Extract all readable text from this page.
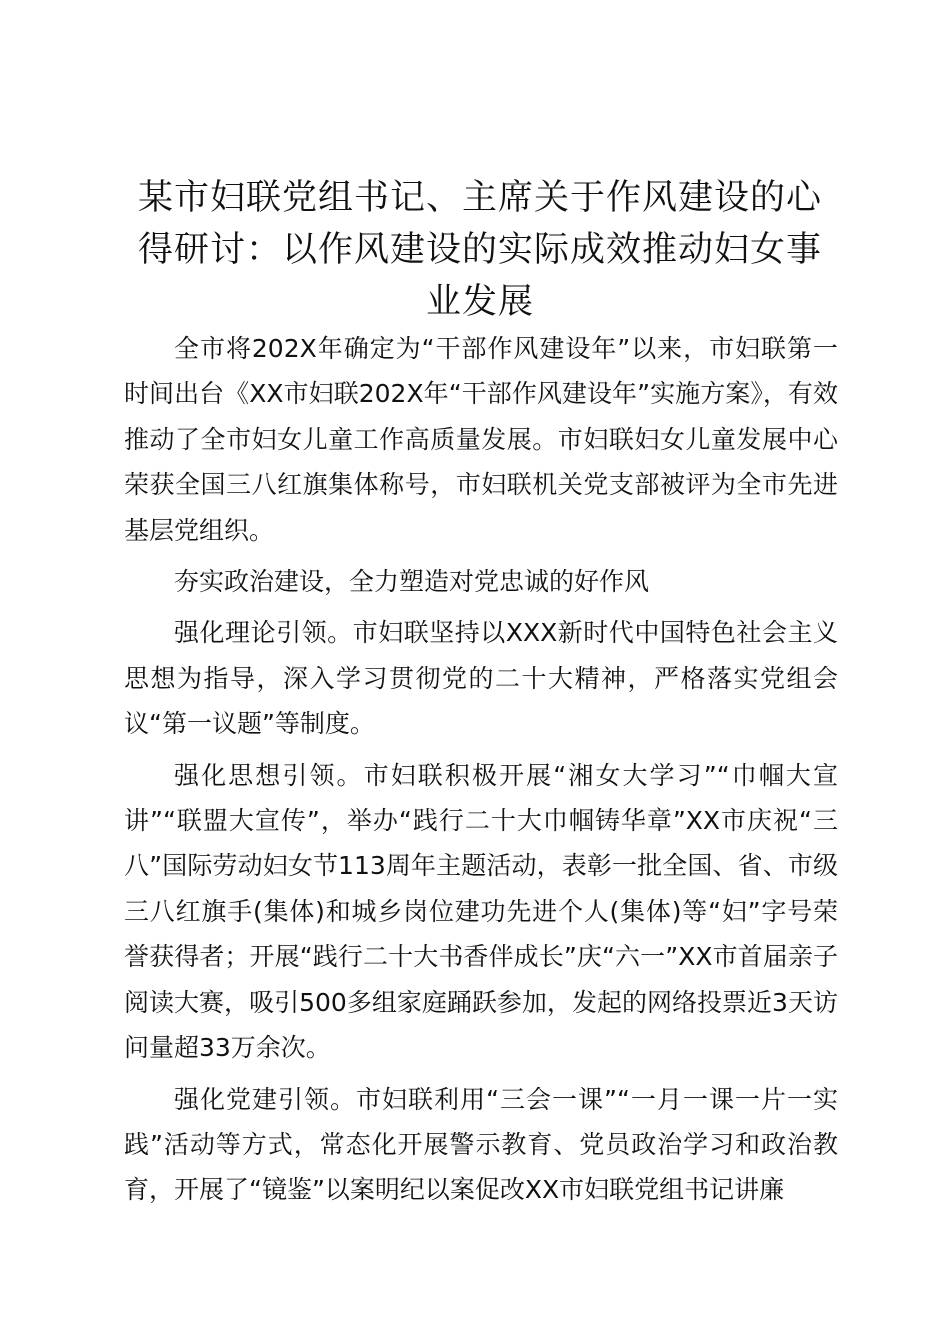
某市妇联党组书记、主席关于作风建设的心得研讨：以作风建设的实际成效推动妇女事业发展

全市将202X年确定为“干部作风建设年”以来，市妇联第一时间出台《XX市妇联202X年“干部作风建设年”实施方案》，有效推动了全市妇女儿童工作高质量发展。市妇联妇女儿童发展中心荣获全国三八红旗集体称号，市妇联机关党支部被评为全市先进基层党组织。

夯实政治建设，全力塑造对党忠诚的好作风

强化理论引领。市妇联坚持以XXX新时代中国特色社会主义思想为指导，深入学习贯彻党的二十大精神，严格落实党组会议“第一议题”等制度。

强化思想引领。市妇联积极开展“湘女大学习”“巾帼大宣讲”“联盟大宣传”，举办“践行二十大巾帼铸华章”XX市庆祝“三八”国际劳动妇女节113周年主题活动，表彰一批全国、省、市级三八红旗手(集体)和城乡岗位建功先进个人(集体)等“妇”字号荣誉获得者；开展“践行二十大书香伴成长”庆“六一”XX市首届亲子阅读大赛，吸引500多组家庭踊跃参加，发起的网络投票近3天访问量超33万余次。

强化党建引领。市妇联利用“三会一课”“一月一课一片一实践”活动等方式，常态化开展警示教育、党员政治学习和政治教育，开展了“镜鉴”以案明纪以案促改XX市妇联党组书记讲廉
